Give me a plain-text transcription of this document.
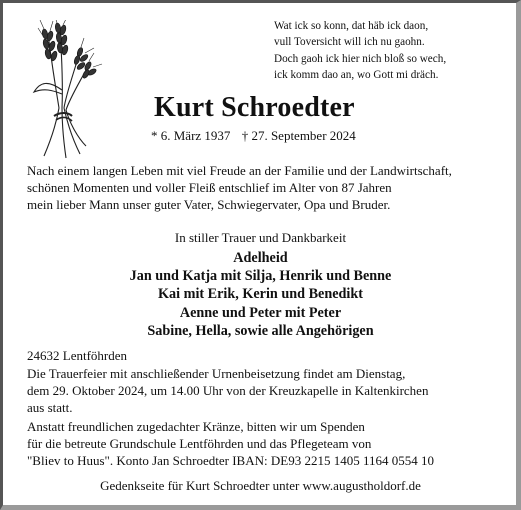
Wat ick so konn, dat häb ick daon,
vull Toversicht will ich nu gaohn.
Doch gaoh ick hier nich bloß so wech,
ick komm dao an, wo Gott mi dräch.
Kurt Schroedter
* 6. März 1937 † 27. September 2024
Nach einem langen Leben mit viel Freude an der Familie und der Landwirtschaft,
schönen Momenten und voller Fleiß entschlief im Alter von 87 Jahren
mein lieber Mann unser guter Vater, Schwiegervater, Opa und Bruder.
In stiller Trauer und Dankbarkeit
Adelheid
Jan und Katja mit Silja, Henrik und Benne
Kai mit Erik, Kerin und Benedikt
Aenne und Peter mit Peter
Sabine, Hella, sowie alle Angehörigen
24632 Lentföhrden
Die Trauerfeier mit anschließender Urnenbeisetzung findet am Dienstag,
dem 29. Oktober 2024, um 14.00 Uhr von der Kreuzkapelle in Kaltenkirchen
aus statt.
Anstatt freundlichen zugedachter Kränze, bitten wir um Spenden
für die betreute Grundschule Lentföhrden und das Pflegeteam von
"Bliev to Huus". Konto Jan Schroedter IBAN: DE93 2215 1405 1164 0554 10
Gedenkseite für Kurt Schroedter unter www.augustholdorf.de
